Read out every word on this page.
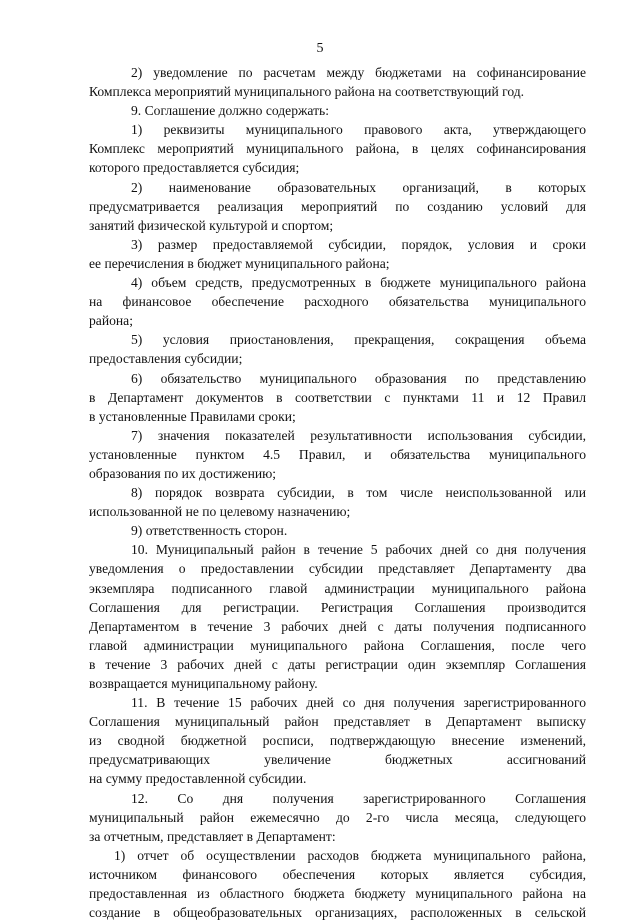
5
2) уведомление по расчетам между бюджетами на софинансирование
Комплекса мероприятий муниципального района на соответствующий год.
9. Соглашение должно содержать:
1) реквизиты муниципального правового акта, утверждающего
Комплекс мероприятий муниципального района, в целях софинансирования
которого предоставляется субсидия;
2) наименование образовательных организаций, в которых
предусматривается реализация мероприятий по созданию условий для
занятий физической культурой и спортом;
3) размер предоставляемой субсидии, порядок, условия и сроки
ее перечисления в бюджет муниципального района;
4) объем средств, предусмотренных в бюджете муниципального района
на финансовое обеспечение расходного обязательства муниципального
района;
5) условия приостановления, прекращения, сокращения объема
предоставления субсидии;
6) обязательство муниципального образования по представлению
в Департамент документов в соответствии с пунктами 11 и 12 Правил
в установленные Правилами сроки;
7) значения показателей результативности использования субсидии,
установленные пунктом 4.5 Правил, и обязательства муниципального
образования по их достижению;
8) порядок возврата субсидии, в том числе неиспользованной или
использованной не по целевому назначению;
9) ответственность сторон.
10. Муниципальный район в течение 5 рабочих дней со дня получения
уведомления о предоставлении субсидии представляет Департаменту два
экземпляра подписанного главой администрации муниципального района
Соглашения для регистрации. Регистрация Соглашения производится
Департаментом в течение 3 рабочих дней с даты получения подписанного
главой администрации муниципального района Соглашения, после чего
в течение 3 рабочих дней с даты регистрации один экземпляр Соглашения
возвращается муниципальному району.
11. В течение 15 рабочих дней со дня получения зарегистрированного
Соглашения муниципальный район представляет в Департамент выписку
из сводной бюджетной росписи, подтверждающую внесение изменений,
предусматривающих увеличение бюджетных ассигнований
на сумму предоставленной субсидии.
12. Со дня получения зарегистрированного Соглашения
муниципальный район ежемесячно до 2-го числа месяца, следующего
за отчетным, представляет в Департамент:
1) отчет об осуществлении расходов бюджета муниципального района,
источником финансового обеспечения которых является субсидия,
предоставленная из областного бюджета бюджету муниципального района на
создание в общеобразовательных организациях, расположенных в сельской
